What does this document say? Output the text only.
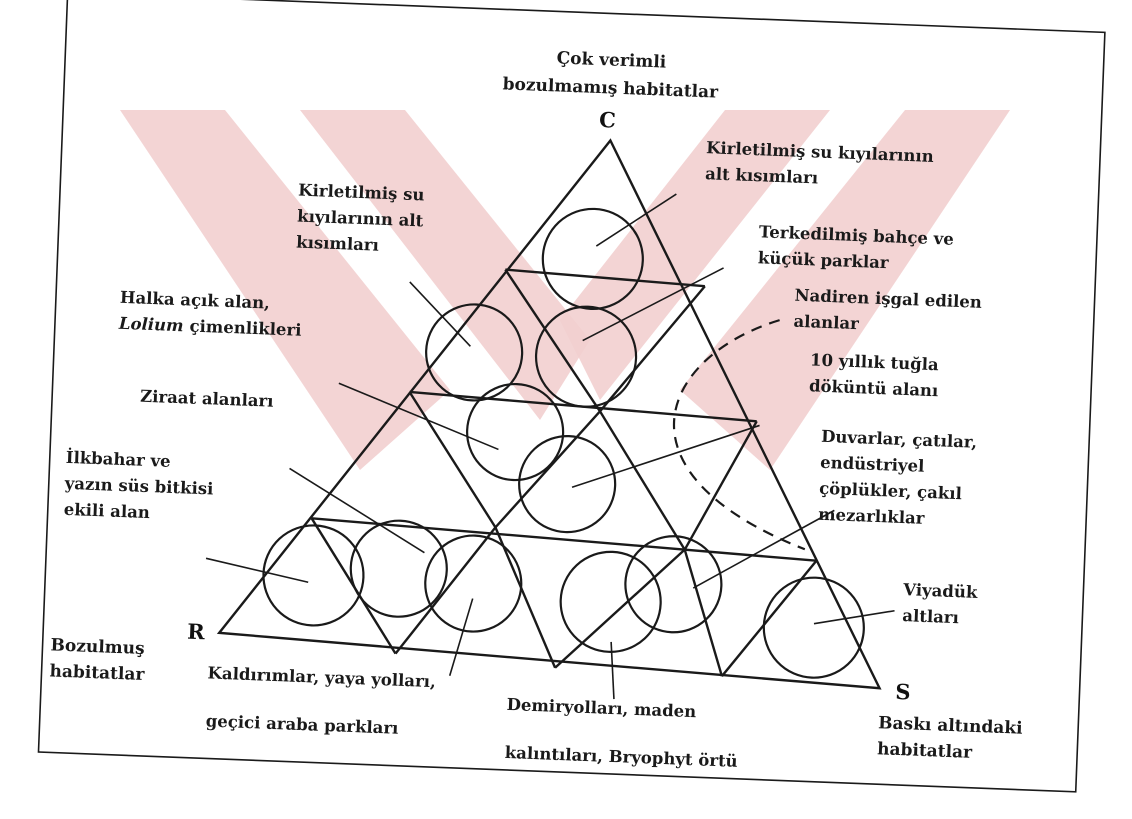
C
R
S
Çok verimli
bozulmamış habitatlar
Bozulmuş
habitatlar
Baskı altındaki
habitatlar
Kirletilmiş su kıyılarının
alt kısımları
Kirletilmiş su
kıyılarının alt
kısımları	Terkedilmiş bahçe ve
küçük parklar
Nadiren işgal edilen
alanlar
Halka açık alan,
Lolium çimenlikleri
10 yıllık tuğla
döküntü alanı
Ziraat alanları
Duvarlar, çatılar,
endüstriyel
çöplükler, çakıl
mezarlıklar
İlkbahar ve
yazın süs bitkisi
ekili alan
Viyadük
altları
Kaldırımlar, yaya yolları,
geçici araba parkları
Demiryolları, maden
kalıntıları, Bryophyt örtü
